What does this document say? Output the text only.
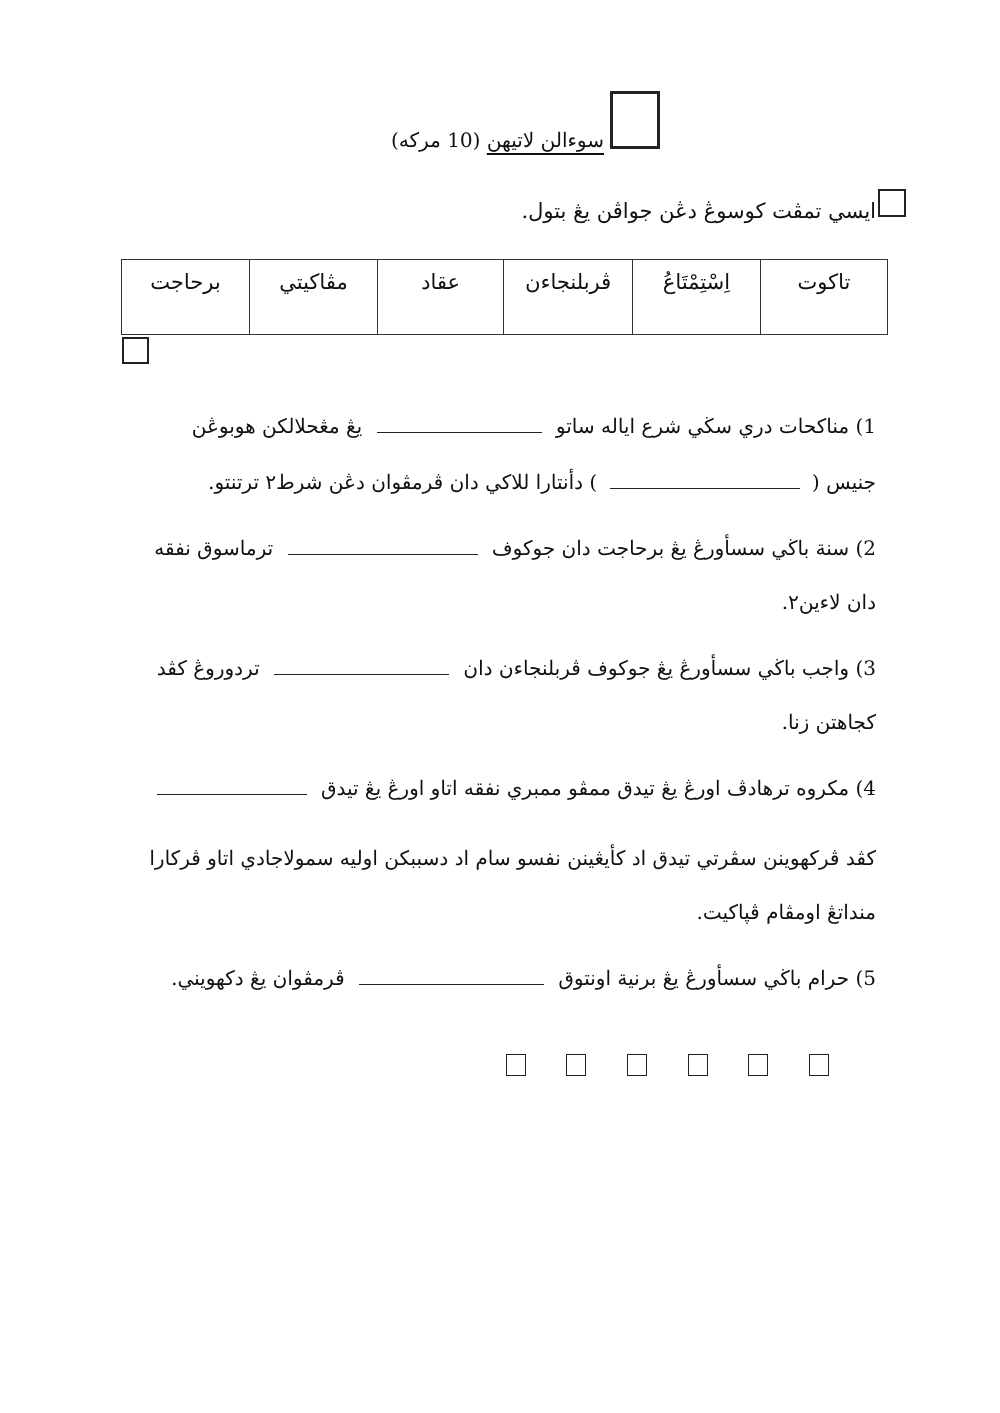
سوءالن لاتيهن (10 مركه)
ايسي تمڤت كوسوڠ دڠن جواڤن يڠ بتول.
تاكوت	اِسْتِمْتَاعُ	ڤربلنجاءن	عقاد	مڤاكيتي	برحاجت
1) مناكحات دري سڬي شرع اياله ساتو  يڠ مڠحلالكن هوبوڠن
جنيس (  ) دأنتارا للاكي دان ڤرمڤوان دڠن شرط٢ ترتنتو.
2) سنة باڬي سسأورڠ يڠ برحاجت دان جوكوف  ترماسوق نفقه
دان لاءين٢.
3) واجب باڬي سسأورڠ يڠ جوكوف ڤربلنجاءن دان  تردوروڠ كڤد
كجاهتن زنا.
4) مكروه ترهادڤ اورڠ يڠ تيدق ممڤو ممبري نفقه اتاو اورڠ يڠ تيدق
كڤد ڤركهوينن سڤرتي تيدق اد كأيڠينن نفسو سام اد دسببكن اوليه سمولاجادي اتاو ڤركارا
منداتڠ اومڤام ڤپاكيت.
5) حرام باڬي سسأورڠ يڠ برنية اونتوق  ڤرمڤوان يڠ دكهويني.
